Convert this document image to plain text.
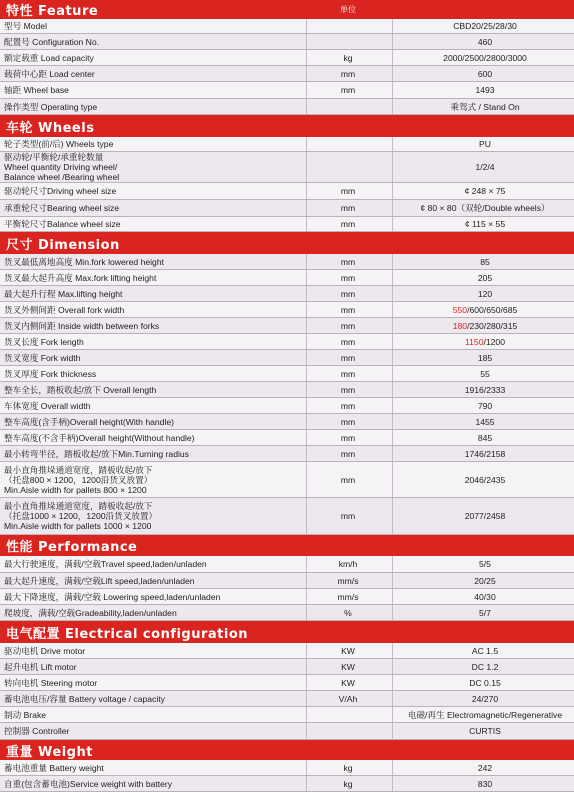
特性 Feature	单位
型号 Model	CBD20/25/28/30
配置号 Configuration No.	460
额定载重 Load capacity	kg	2000/2500/2800/3000
载荷中心距 Load center	mm	600
轴距 Wheel base	mm	1493
操作类型 Operating type	乘驾式 / Stand On
车轮 Wheels
轮子类型(前/后) Wheels type	PU
驱动轮/平衡轮/承重轮数量
Wheel quantity Driving wheel/
Balance wheel /Bearing wheel
1/2/4
驱动轮尺寸Driving wheel size	mm	¢ 248 × 75
承重轮尺寸Bearing wheel size	mm	¢ 80 × 80（双轮/Double wheels）
平衡轮尺寸Balance wheel size	mm	¢ 115 × 55
尺寸 Dimension
货叉最低离地高度 Min.fork lowered height	mm	85
货叉最大起升高度 Max.fork lifting height	mm	205
最大起升行程 Max.lifting height	mm	120
货叉外侧间距 Overall fork width	mm	550 /600/650/685
货叉内侧间距 Inside width between forks	mm	180 /230/280/315
货叉长度 Fork length	mm	1150 /1200
货叉宽度 Fork width	mm	185
货叉厚度 Fork thickness	mm	55
整车全长，踏板收起/放下 Overall length	mm	1916/2333
车体宽度 Overall width	mm	790
整车高度(含手柄)Overall height(With handle)	mm	1455
整车高度(不含手柄)Overall height(Without handle)	mm	845
最小转弯半径，踏板收起/放下Min.Turning radius	mm	1746/2158
最小直角推垛通道宽度，踏板收起/放下
（托盘800 × 1200，1200沿货叉放置）
Min.Aisle width for pallets 800 × 1200
mm	2046/2435
最小直角推垛通道宽度，踏板收起/放下
（托盘1000 × 1200，1200沿货叉放置）
Min.Aisle width for pallets 1000 × 1200
mm	2077/2458
性能 Performance
最大行驶速度，满载/空载Travel speed,laden/unladen	km/h	5/5
最大起升速度，满载/空载Lift speed,laden/unladen	mm/s	20/25
最大下降速度，满载/空载 Lowering speed,laden/unladen	mm/s	40/30
爬坡度，满载/空载Gradeability,laden/unladen	%	5/7
电气配置 Electrical configuration
驱动电机 Drive motor	KW	AC 1.5
起升电机 Lift motor	KW	DC 1.2
转向电机 Steering motor	KW	DC 0.15
蓄电池电压/容量 Battery voltage / capacity	V/Ah	24/270
制动 Brake	电磁/再生 Electromagnetic/Regenerative
控制器 Controller	CURTIS
重量 Weight
蓄电池重量 Battery weight	kg	242
自重(包含蓄电池)Service weight with battery	kg	830
